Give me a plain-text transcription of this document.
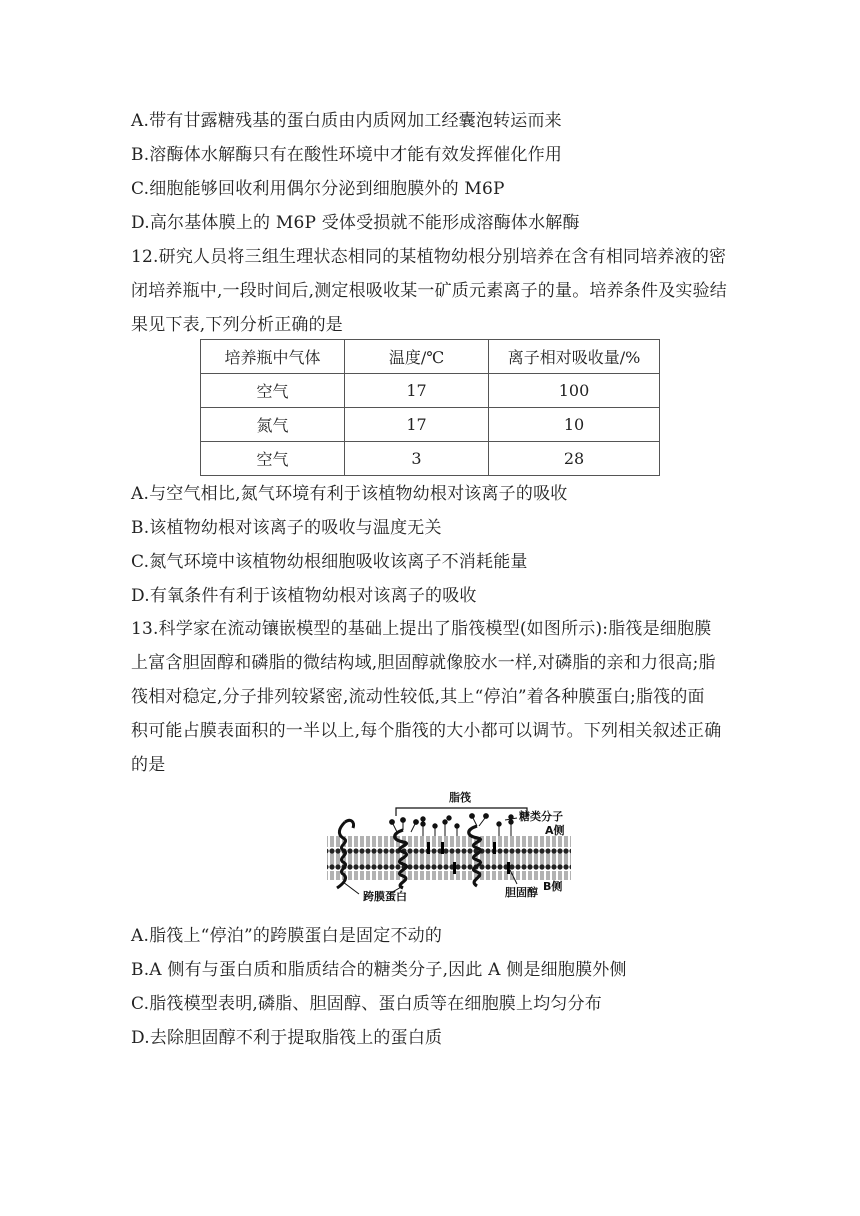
A.带有甘露糖残基的蛋白质由内质网加工经囊泡转运而来
B.溶酶体水解酶只有在酸性环境中才能有效发挥催化作用
C.细胞能够回收利用偶尔分泌到细胞膜外的 M6P
D.高尔基体膜上的 M6P 受体受损就不能形成溶酶体水解酶
12.研究人员将三组生理状态相同的某植物幼根分别培养在含有相同培养液的密
闭培养瓶中,一段时间后,测定根吸收某一矿质元素离子的量。培养条件及实验结
果见下表,下列分析正确的是
培养瓶中气体	温度/℃	离子相对吸收量/%
空气	17	100
氮气	17	10
空气	3	28
A.与空气相比,氮气环境有利于该植物幼根对该离子的吸收
B.该植物幼根对该离子的吸收与温度无关
C.氮气环境中该植物幼根细胞吸收该离子不消耗能量
D.有氧条件有利于该植物幼根对该离子的吸收
13.科学家在流动镶嵌模型的基础上提出了脂筏模型(如图所示):脂筏是细胞膜
上富含胆固醇和磷脂的微结构域,胆固醇就像胶水一样,对磷脂的亲和力很高;脂
筏相对稳定,分子排列较紧密,流动性较低,其上“停泊”着各种膜蛋白;脂筏的面
积可能占膜表面积的一半以上,每个脂筏的大小都可以调节。下列相关叙述正确
的是
脂筏
糖类分子
A侧
胆固醇 B侧
跨膜蛋白
A.脂筏上“停泊”的跨膜蛋白是固定不动的
B.A 侧有与蛋白质和脂质结合的糖类分子,因此 A 侧是细胞膜外侧
C.脂筏模型表明,磷脂、胆固醇、蛋白质等在细胞膜上均匀分布
D.去除胆固醇不利于提取脂筏上的蛋白质
